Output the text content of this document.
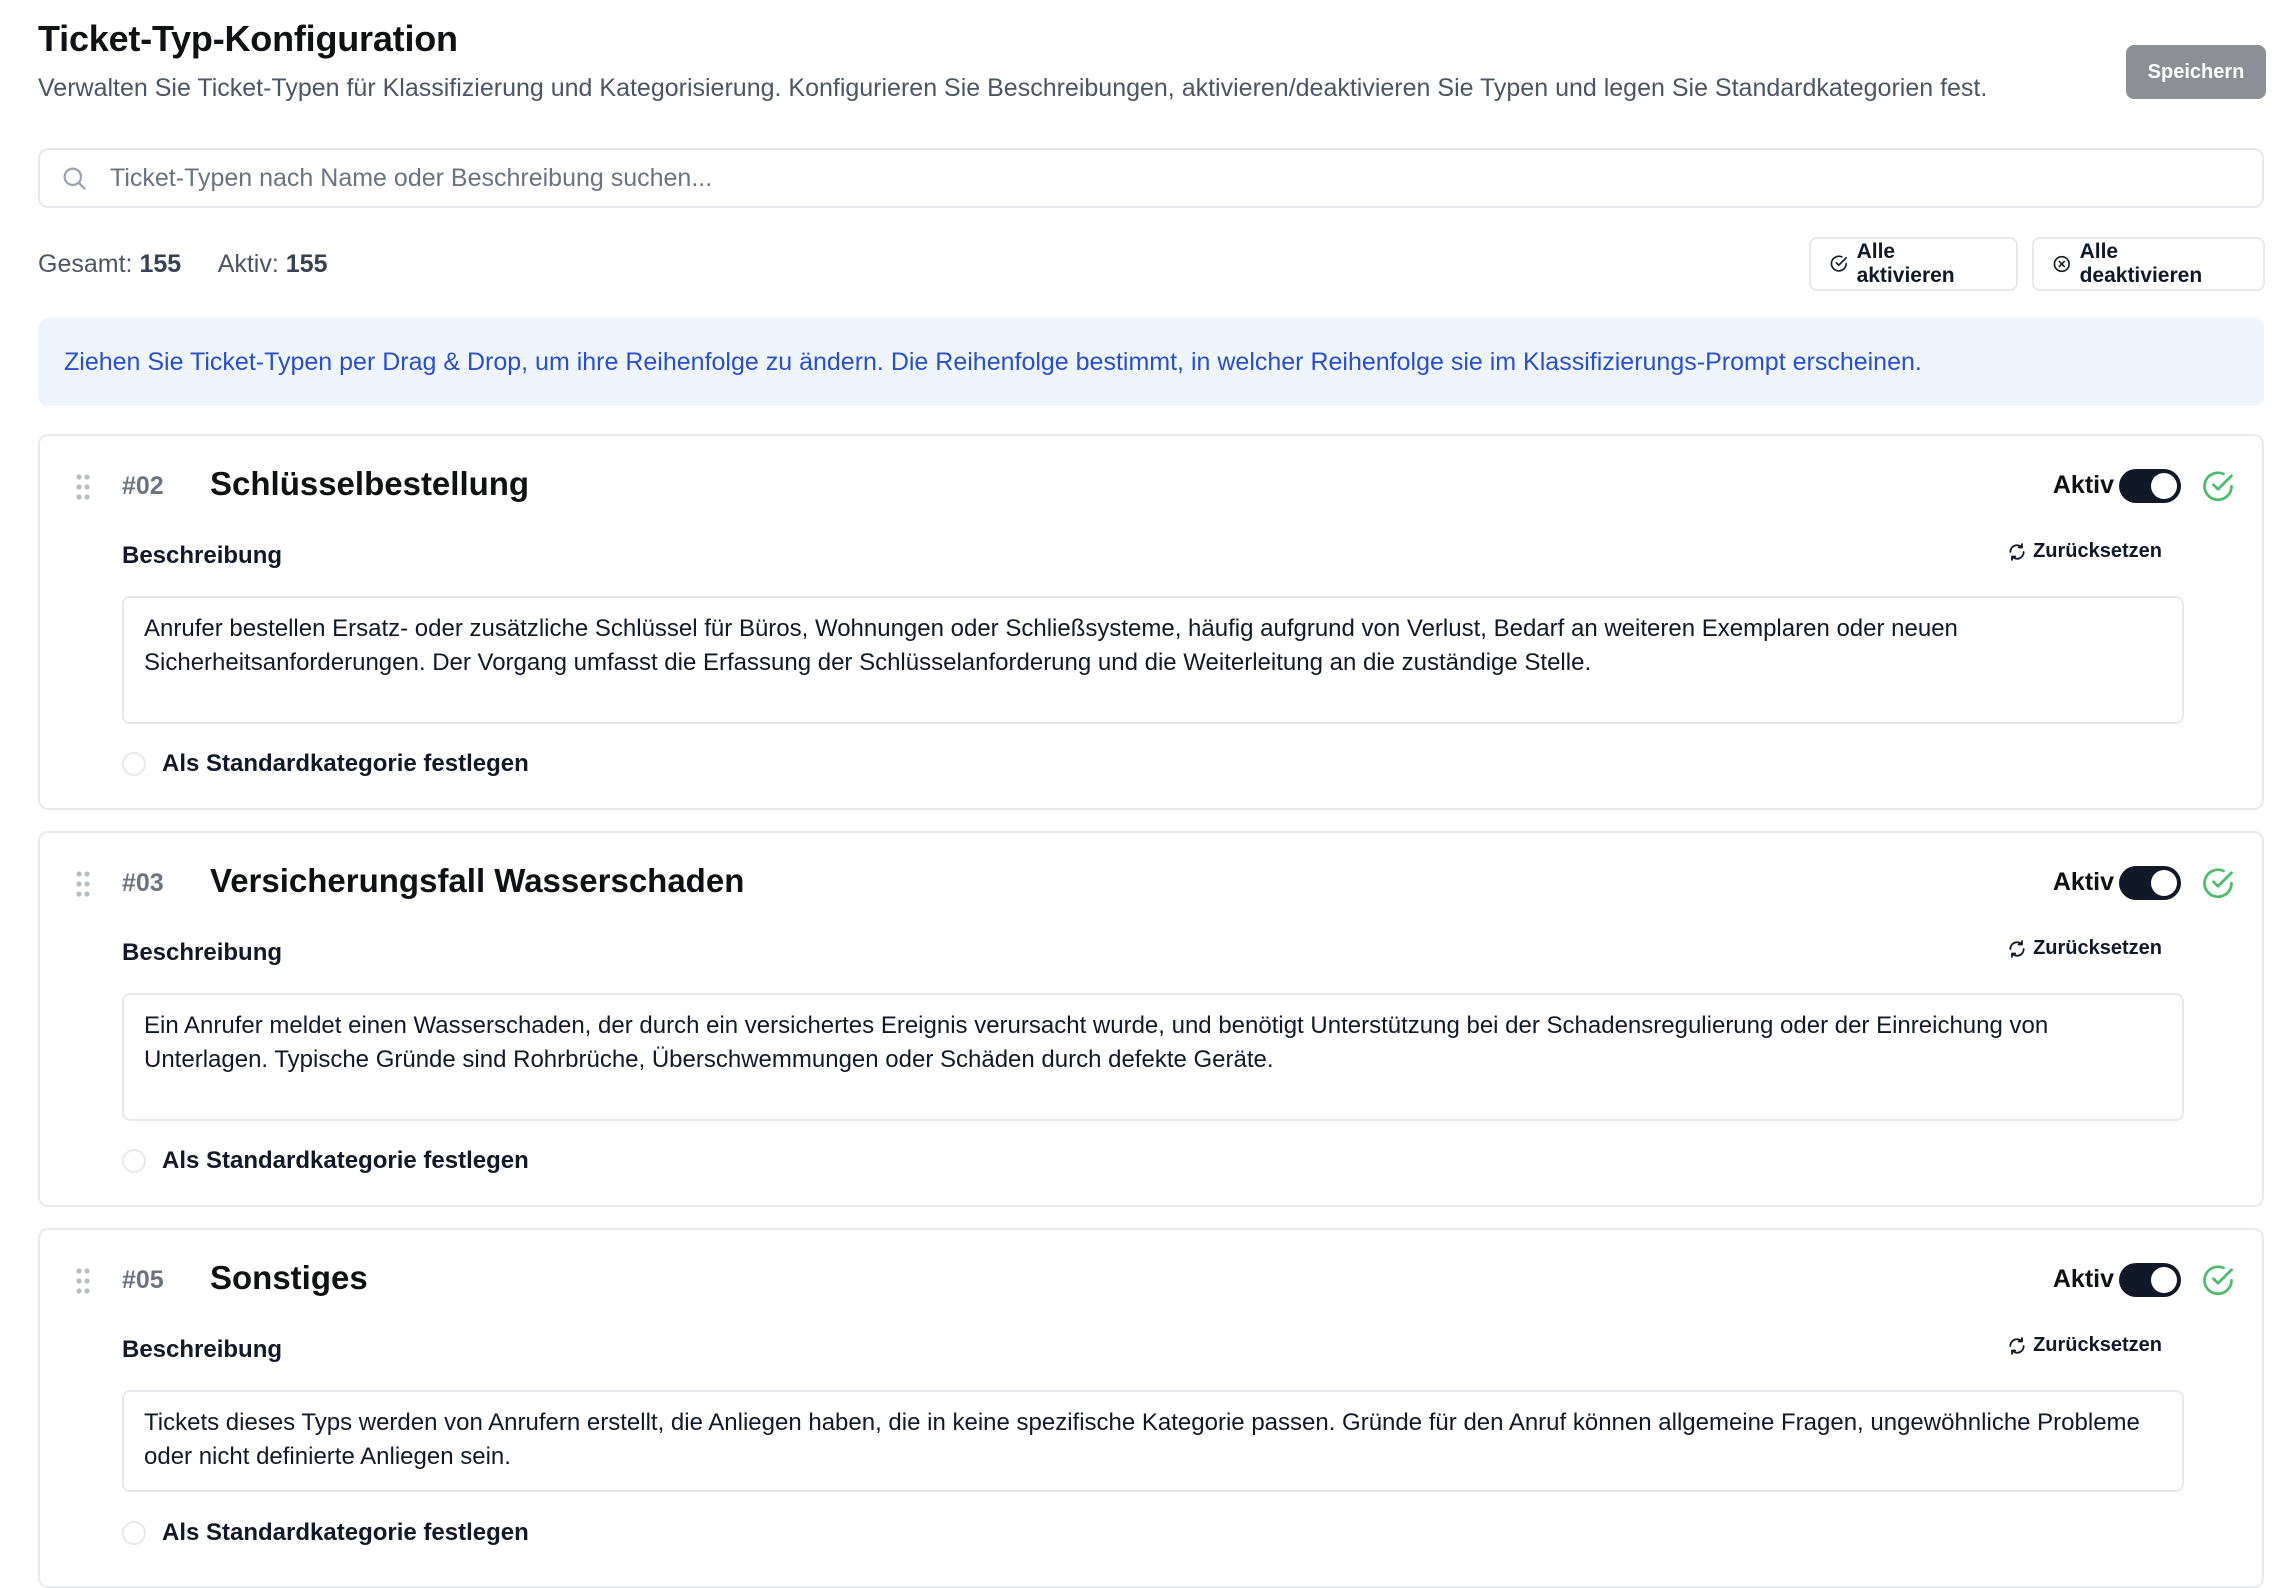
Ticket-Typ-Konfiguration
Verwalten Sie Ticket-Typen für Klassifizierung und Kategorisierung. Konfigurieren Sie Beschreibungen, aktivieren/deaktivieren Sie Typen und legen Sie Standardkategorien fest.
Speichern
Ticket-Typen nach Name oder Beschreibung suchen...
Gesamt: 155 Aktiv: 155	Alle aktivieren
Alle deaktivieren
Ziehen Sie Ticket-Typen per Drag & Drop, um ihre Reihenfolge zu ändern. Die Reihenfolge bestimmt, in welcher Reihenfolge sie im Klassifizierungs-Prompt erscheinen.
#02 Schlüsselbestellung	Aktiv
Beschreibung	Zurücksetzen
Anrufer bestellen Ersatz- oder zusätzliche Schlüssel für Büros, Wohnungen oder Schließsysteme, häufig aufgrund von Verlust, Bedarf an weiteren Exemplaren oder neuen Sicherheitsanforderungen. Der Vorgang umfasst die Erfassung der Schlüsselanforderung und die Weiterleitung an die zuständige Stelle.
Als Standardkategorie festlegen
#03 Versicherungsfall Wasserschaden	Aktiv
Beschreibung	Zurücksetzen
Ein Anrufer meldet einen Wasserschaden, der durch ein versichertes Ereignis verursacht wurde, und benötigt Unterstützung bei der Schadensregulierung oder der Einreichung von Unterlagen. Typische Gründe sind Rohrbrüche, Überschwemmungen oder Schäden durch defekte Geräte.
Als Standardkategorie festlegen
#05 Sonstiges	Aktiv
Beschreibung	Zurücksetzen
Tickets dieses Typs werden von Anrufern erstellt, die Anliegen haben, die in keine spezifische Kategorie passen. Gründe für den Anruf können allgemeine Fragen, ungewöhnliche Probleme oder nicht definierte Anliegen sein.
Als Standardkategorie festlegen
